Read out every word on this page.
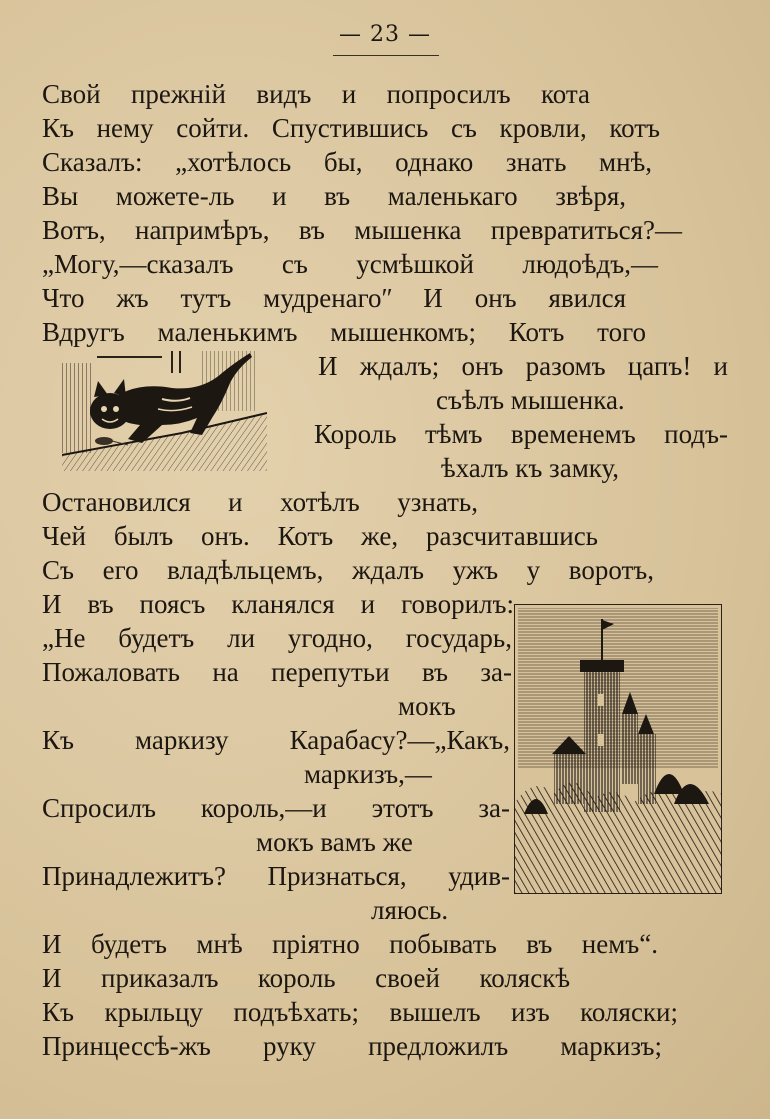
— 23 —
Свой прежній видъ и попросилъ кота
Къ нему сойти. Спустившись съ кровли, котъ
Сказалъ: „хотѣлось бы, однако знать мнѣ,
Вы можете-ль и въ маленькаго звѣря,
Вотъ, напримѣръ, въ мышенка превратиться?—
„Могу,—сказалъ съ усмѣшкой людоѣдъ,—
Что жъ тутъ мудренагоʺ И онъ явился
Вдругъ маленькимъ мышенкомъ; Котъ того
И ждалъ; онъ разомъ цапъ! и
съѣлъ мышенка.
Король тѣмъ временемъ подъ-
ѣхалъ къ замку,
Остановился и хотѣлъ узнать,
Чей былъ онъ. Котъ же, разсчитавшись
Съ его владѣльцемъ, ждалъ ужъ у воротъ,
И въ поясъ кланялся и говорилъ:
„Не будетъ ли угодно, государь,
Пожаловать на перепутьи въ за-
мокъ
Къ маркизу Карабасу?—„Какъ,
маркизъ,—
Спросилъ король,—и этотъ за-
мокъ вамъ же
Принадлежитъ? Признаться, удив-
ляюсь.
И будетъ мнѣ пріятно побывать въ немъ“.
И приказалъ король своей коляскѣ
Къ крыльцу подъѣхать; вышелъ изъ коляски;
Принцессѣ-жъ руку предложилъ маркизъ;
